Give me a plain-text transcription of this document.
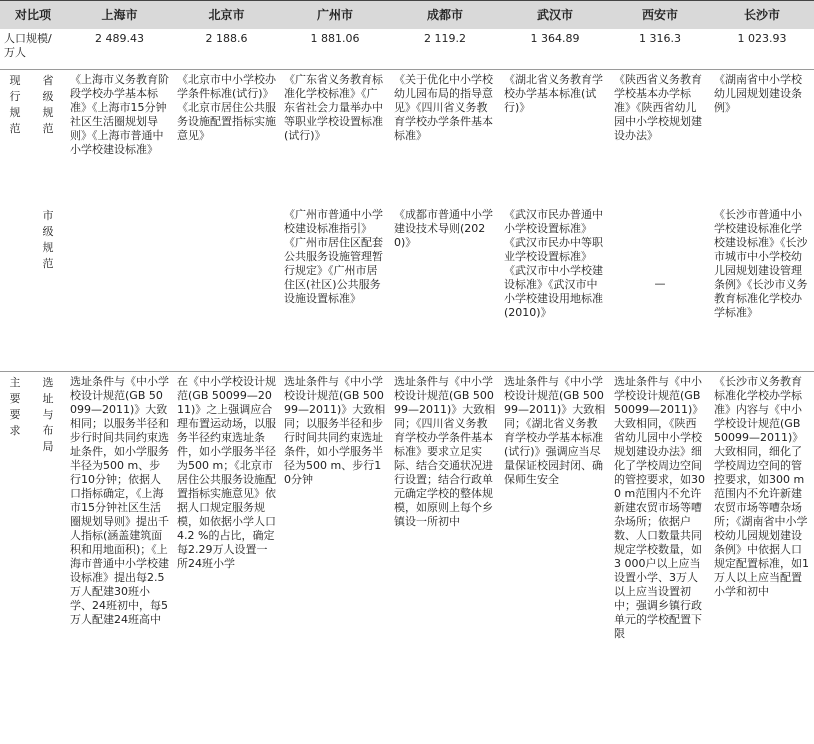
对比项		上海市	北京市	广州市	成都市	武汉市	西安市	长沙市
人口规模/万人		2 489.43	2 188.6	1 881.06	2 119.2	1 364.89	1 316.3	1 023.93

现行规范	省级规范	《上海市义务教育阶段学校办学基本标准》《上海市15分钟社区生活圈规划导则》《上海市普通中小学校建设标准》	《北京市中小学校办学条件标准(试行)》《北京市居住公共服务设施配置指标实施意见》	《广东省义务教育标准化学校标准》《广东省社会力量举办中等职业学校设置标准(试行)》	《关于优化中小学校幼儿园布局的指导意见》《四川省义务教育学校办学条件基本标准》	《湖北省义务教育学校办学基本标准(试行)》	《陕西省义务教育学校基本办学标准》《陕西省幼儿园中小学校规划建设办法》	《湖南省中小学校幼儿园规划建设条例》

	市级规范			《广州市普通中小学校建设标准指引》《广州市居住区配套公共服务设施管理暂行规定》《广州市居住区(社区)公共服务设施设置标准》	《成都市普通中小学建设技术导则(2020)》	《武汉市民办普通中小学校设置标准》《武汉市民办中等职业学校设置标准》《武汉市中小学校建设标准》《武汉市中小学校建设用地标准(2010)》	—	《长沙市普通中小学校建设标准化学校建设标准》《长沙市城市中小学校幼儿园规划建设管理条例》《长沙市义务教育标准化学校办学标准》

主要要求	选址与布局	选址条件与《中小学校设计规范(GB 50099—2011)》大致相同；以服务半径和步行时间共同约束选址条件，如小学服务半径为500 m、步行10分钟；依据人口指标确定，《上海市15分钟社区生活圈规划导则》提出千人指标(涵盖建筑面积和用地面积)；《上海市普通中小学校建设标准》提出每2.5万人配建30班小学、24班初中，每5万人配建24班高中	在《中小学校设计规范(GB 50099—2011)》之上强调应合理布置运动场，以服务半径约束选址条件，如小学服务半径为500 m；《北京市居住公共服务设施配置指标实施意见》依据人口规定服务规模，如依据小学人口4.2 %的占比，确定每2.29万人设置一所24班小学	选址条件与《中小学校设计规范(GB 50099—2011)》大致相同；以服务半径和步行时间共同约束选址条件，如小学服务半径为500 m、步行10分钟	选址条件与《中小学校设计规范(GB 50099—2011)》大致相同；《四川省义务教育学校办学条件基本标准》要求立足实际、结合交通状况进行设置；结合行政单元确定学校的整体规模，如原则上每个乡镇设一所初中	选址条件与《中小学校设计规范(GB 50099—2011)》大致相同；《湖北省义务教育学校办学基本标准(试行)》强调应当尽量保证校园封闭、确保师生安全	选址条件与《中小学校设计规范(GB 50099—2011)》大致相同，《陕西省幼儿园中小学校规划建设办法》细化了学校周边空间的管控要求，如300 m范围内不允许新建农贸市场等嘈杂场所；依据户数、人口数量共同规定学校数量，如3 000户以上应当设置小学、3万人以上应当设置初中；强调乡镇行政单元的学校配置下限	《长沙市义务教育标准化学校办学标准》内容与《中小学校设计规范(GB 50099—2011)》大致相同，细化了学校周边空间的管控要求，如300 m范围内不允许新建农贸市场等嘈杂场所；《湖南省中小学校幼儿园规划建设条例》中依据人口规定配置标准，如1万人以上应当配置小学和初中
